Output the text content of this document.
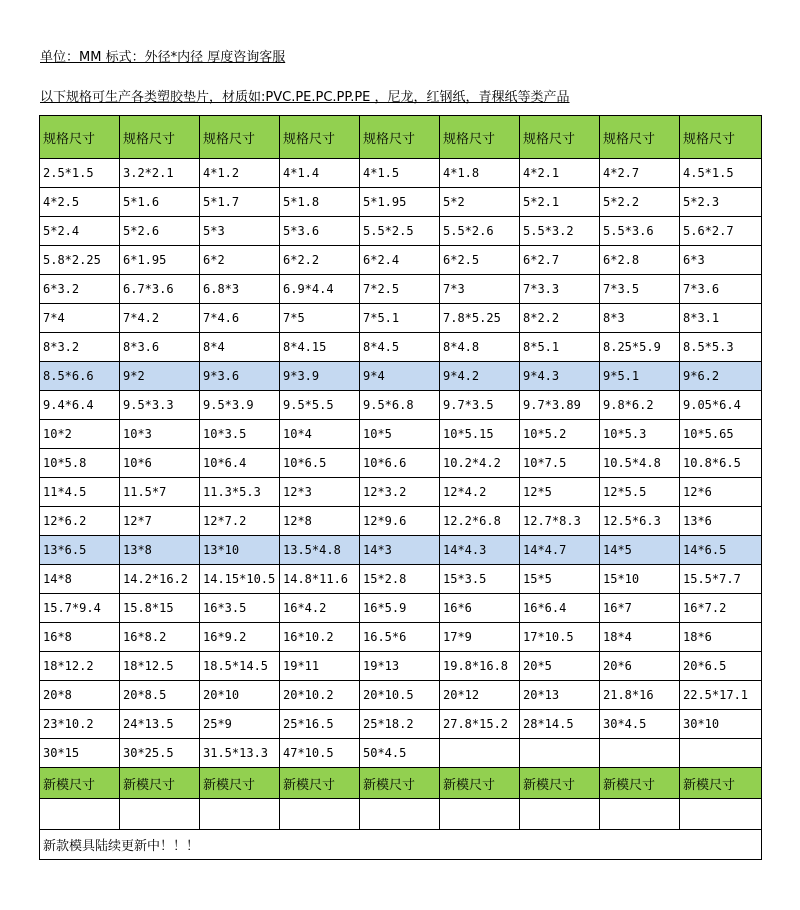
单位：MM 标式：外径*内径 厚度咨询客服
以下规格可生产各类塑胶垫片，材质如:PVC.PE.PC.PP.PE ，尼龙，红钢纸，青稞纸等类产品
规格尺寸	规格尺寸	规格尺寸	规格尺寸	规格尺寸	规格尺寸	规格尺寸	规格尺寸	规格尺寸
2.5*1.5	3.2*2.1	4*1.2	4*1.4	4*1.5	4*1.8	4*2.1	4*2.7	4.5*1.5
4*2.5	5*1.6	5*1.7	5*1.8	5*1.95	5*2	5*2.1	5*2.2	5*2.3
5*2.4	5*2.6	5*3	5*3.6	5.5*2.5	5.5*2.6	5.5*3.2	5.5*3.6	5.6*2.7
5.8*2.25	6*1.95	6*2	6*2.2	6*2.4	6*2.5	6*2.7	6*2.8	6*3
6*3.2	6.7*3.6	6.8*3	6.9*4.4	7*2.5	7*3	7*3.3	7*3.5	7*3.6
7*4	7*4.2	7*4.6	7*5	7*5.1	7.8*5.25	8*2.2	8*3	8*3.1
8*3.2	8*3.6	8*4	8*4.15	8*4.5	8*4.8	8*5.1	8.25*5.9	8.5*5.3
8.5*6.6	9*2	9*3.6	9*3.9	9*4	9*4.2	9*4.3	9*5.1	9*6.2
9.4*6.4	9.5*3.3	9.5*3.9	9.5*5.5	9.5*6.8	9.7*3.5	9.7*3.89	9.8*6.2	9.05*6.4
10*2	10*3	10*3.5	10*4	10*5	10*5.15	10*5.2	10*5.3	10*5.65
10*5.8	10*6	10*6.4	10*6.5	10*6.6	10.2*4.2	10*7.5	10.5*4.8	10.8*6.5
11*4.5	11.5*7	11.3*5.3	12*3	12*3.2	12*4.2	12*5	12*5.5	12*6
12*6.2	12*7	12*7.2	12*8	12*9.6	12.2*6.8	12.7*8.3	12.5*6.3	13*6
13*6.5	13*8	13*10	13.5*4.8	14*3	14*4.3	14*4.7	14*5	14*6.5
14*8	14.2*16.2	14.15*10.5	14.8*11.6	15*2.8	15*3.5	15*5	15*10	15.5*7.7
15.7*9.4	15.8*15	16*3.5	16*4.2	16*5.9	16*6	16*6.4	16*7	16*7.2
16*8	16*8.2	16*9.2	16*10.2	16.5*6	17*9	17*10.5	18*4	18*6
18*12.2	18*12.5	18.5*14.5	19*11	19*13	19.8*16.8	20*5	20*6	20*6.5
20*8	20*8.5	20*10	20*10.2	20*10.5	20*12	20*13	21.8*16	22.5*17.1
23*10.2	24*13.5	25*9	25*16.5	25*18.2	27.8*15.2	28*14.5	30*4.5	30*10
30*15	30*25.5	31.5*13.3	47*10.5	50*4.5				
新模尺寸	新模尺寸	新模尺寸	新模尺寸	新模尺寸	新模尺寸	新模尺寸	新模尺寸	新模尺寸

新款模具陆续更新中！！！								
